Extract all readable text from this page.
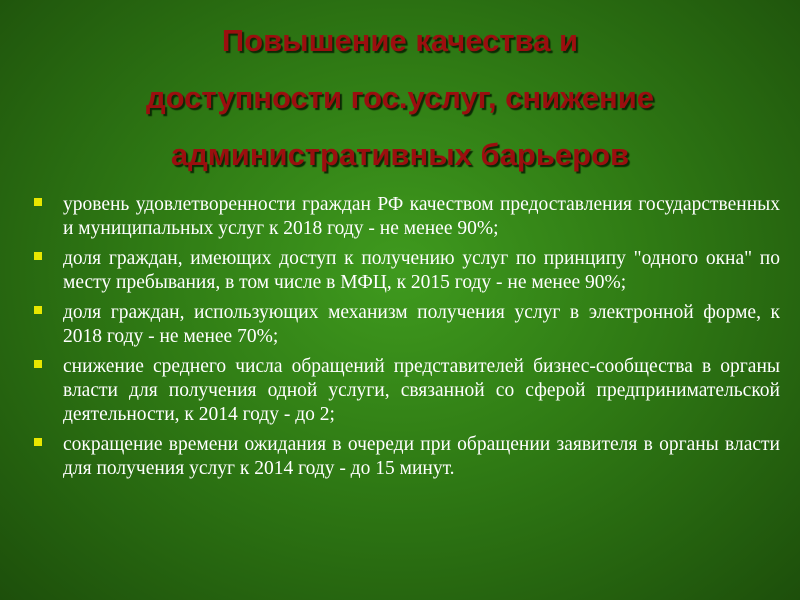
Повышение качества и
доступности гос.услуг, снижение
административных барьеров
уровень удовлетворенности граждан РФ качеством предоставления государственных и муниципальных услуг к 2018 году - не менее 90%;
доля граждан, имеющих доступ к получению услуг по принципу "одного окна" по месту пребывания, в том числе в МФЦ, к 2015 году - не менее 90%;
доля граждан, использующих механизм получения услуг в электронной форме, к 2018 году - не менее 70%;
снижение среднего числа обращений представителей бизнес-сообщества в органы власти для получения одной услуги, связанной со сферой предпринимательской деятельности, к 2014 году - до 2;
сокращение времени ожидания в очереди при обращении заявителя в органы власти для получения услуг к 2014 году - до 15 минут.
